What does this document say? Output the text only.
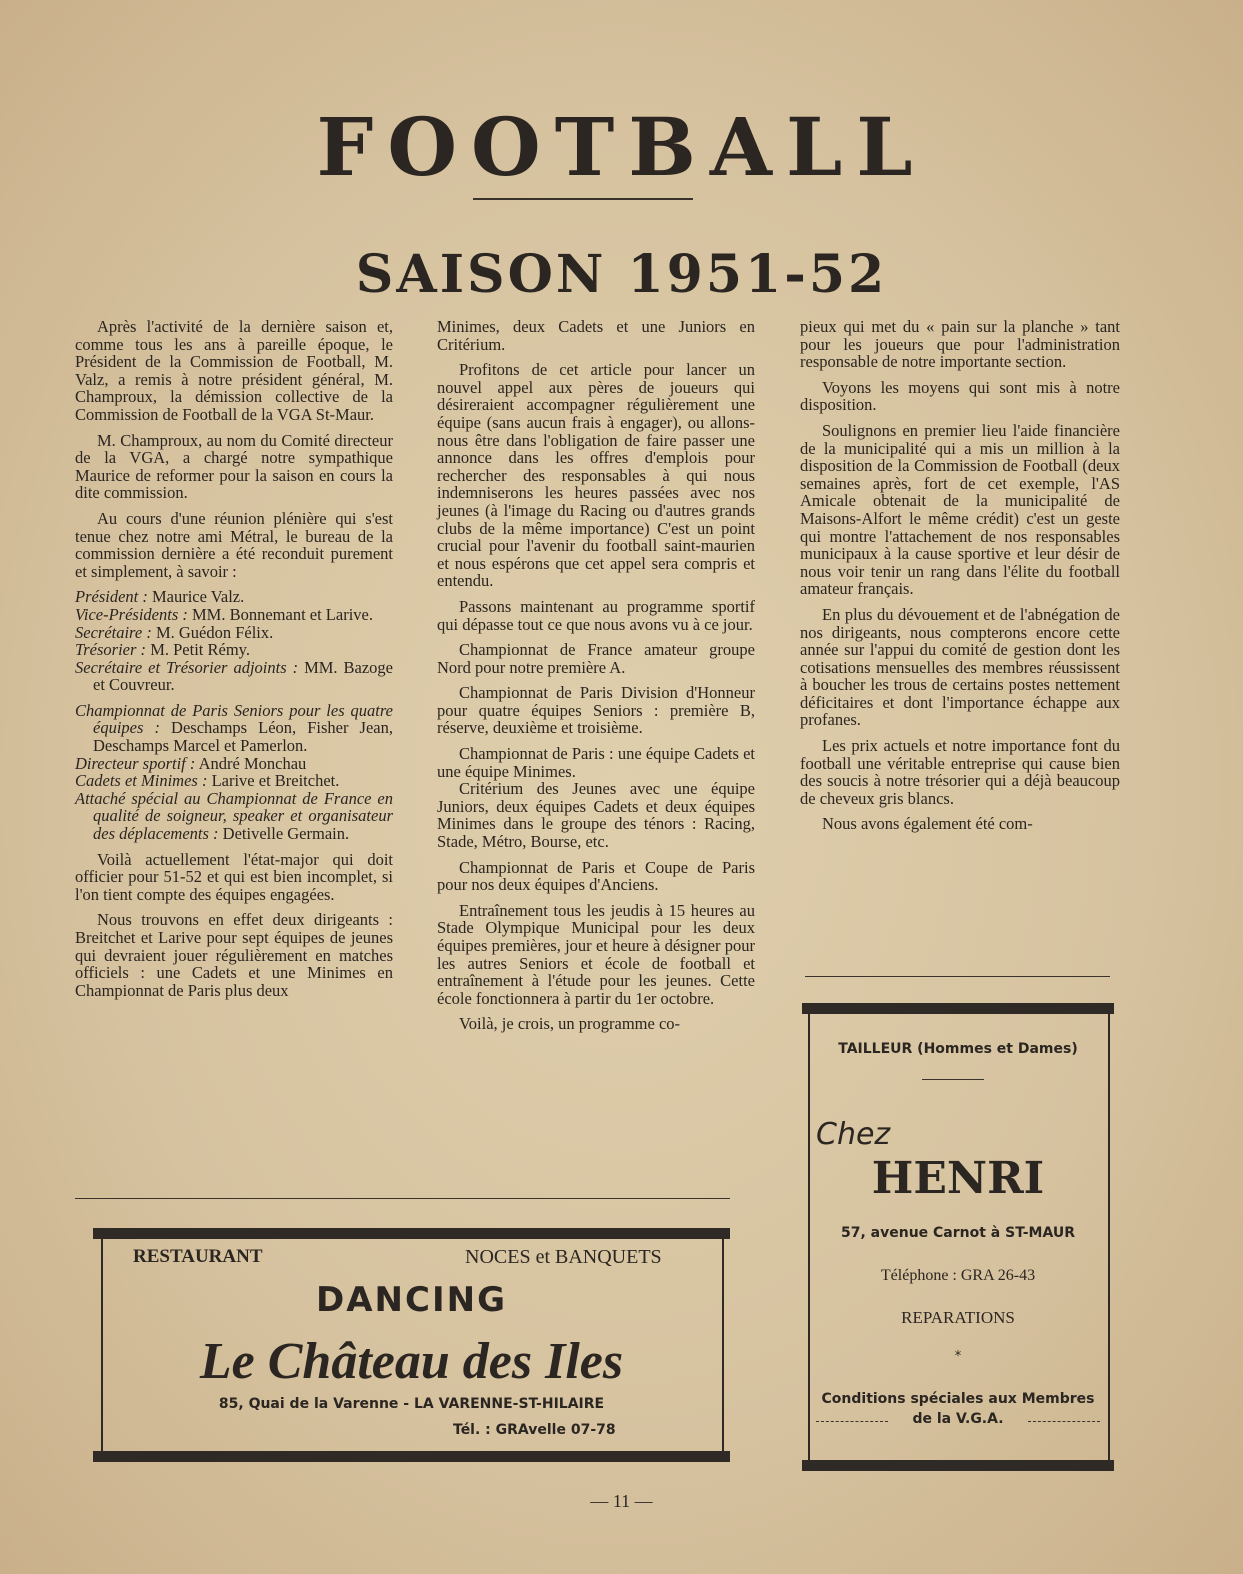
FOOTBALL
SAISON 1951-52

Après l'activité de la dernière saison et, comme tous les ans à pareille époque, le Président de la Commission de Football, M. Valz, a remis à notre président général, M. Champroux, la démission collective de la Commission de Football de la VGA St-Maur.

M. Champroux, au nom du Comité directeur de la VGA, a chargé notre sympathique Maurice de reformer pour la saison en cours la dite commission.

Au cours d'une réunion plénière qui s'est tenue chez notre ami Métral, le bureau de la commission dernière a été reconduit purement et simplement, à savoir :

Président : Maurice Valz.
Vice-Présidents : MM. Bonnemant et Larive.
Secrétaire : M. Guédon Félix.
Trésorier : M. Petit Rémy.
Secrétaire et Trésorier adjoints : MM. Bazoge et Couvreur.
Championnat de Paris Seniors pour les quatre équipes : Deschamps Léon, Fisher Jean, Deschamps Marcel et Pamerlon.
Directeur sportif : André Monchau
Cadets et Minimes : Larive et Breitchet.
Attaché spécial au Championnat de France en qualité de soigneur, speaker et organisateur des déplacements : Detivelle Germain.

Voilà actuellement l'état-major qui doit officier pour 51-52 et qui est bien incomplet, si l'on tient compte des équipes engagées.

Nous trouvons en effet deux dirigeants : Breitchet et Larive pour sept équipes de jeunes qui devraient jouer régulièrement en matches officiels : une Cadets et une Minimes en Championnat de Paris plus deux

Minimes, deux Cadets et une Juniors en Critérium.

Profitons de cet article pour lancer un nouvel appel aux pères de joueurs qui désireraient accompagner régulièrement une équipe (sans aucun frais à engager), ou allons-nous être dans l'obligation de faire passer une annonce dans les offres d'emplois pour rechercher des responsables à qui nous indemniserons les heures passées avec nos jeunes (à l'image du Racing ou d'autres grands clubs de la même importance) C'est un point crucial pour l'avenir du football saint-maurien et nous espérons que cet appel sera compris et entendu.

Passons maintenant au programme sportif qui dépasse tout ce que nous avons vu à ce jour.

Championnat de France amateur groupe Nord pour notre première A.

Championnat de Paris Division d'Honneur pour quatre équipes Seniors : première B, réserve, deuxième et troisième.

Championnat de Paris : une équipe Cadets et une équipe Minimes.

Critérium des Jeunes avec une équipe Juniors, deux équipes Cadets et deux équipes Minimes dans le groupe des ténors : Racing, Stade, Métro, Bourse, etc.

Championnat de Paris et Coupe de Paris pour nos deux équipes d'Anciens.

Entraînement tous les jeudis à 15 heures au Stade Olympique Municipal pour les deux équipes premières, jour et heure à désigner pour les autres Seniors et école de football et entraînement à l'étude pour les jeunes. Cette école fonctionnera à partir du 1er octobre.

Voilà, je crois, un programme co-

pieux qui met du « pain sur la planche » tant pour les joueurs que pour l'administration responsable de notre importante section.

Voyons les moyens qui sont mis à notre disposition.

Soulignons en premier lieu l'aide financière de la municipalité qui a mis un million à la disposition de la Commission de Football (deux semaines après, fort de cet exemple, l'AS Amicale obtenait de la municipalité de Maisons-Alfort le même crédit) c'est un geste qui montre l'attachement de nos responsables municipaux à la cause sportive et leur désir de nous voir tenir un rang dans l'élite du football amateur français.

En plus du dévouement et de l'abnégation de nos dirigeants, nous compterons encore cette année sur l'appui du comité de gestion dont les cotisations mensuelles des membres réussissent à boucher les trous de certains postes nettement déficitaires et dont l'importance échappe aux profanes.

Les prix actuels et notre importance font du football une véritable entreprise qui cause bien des soucis à notre trésorier qui a déjà beaucoup de cheveux gris blancs.

Nous avons également été com-

RESTAURANT	NOCES et BANQUETS
DANCING
Le Château des Iles
85, Quai de la Varenne - LA VARENNE-ST-HILAIRE
Tél. : GRAvelle 07-78
TAILLEUR (Hommes et Dames)
Chez
HENRI
57, avenue Carnot à ST-MAUR
Téléphone : GRA 26-43
REPARATIONS
*
Conditions spéciales aux Membres
de la V.G.A.
— 11 —
